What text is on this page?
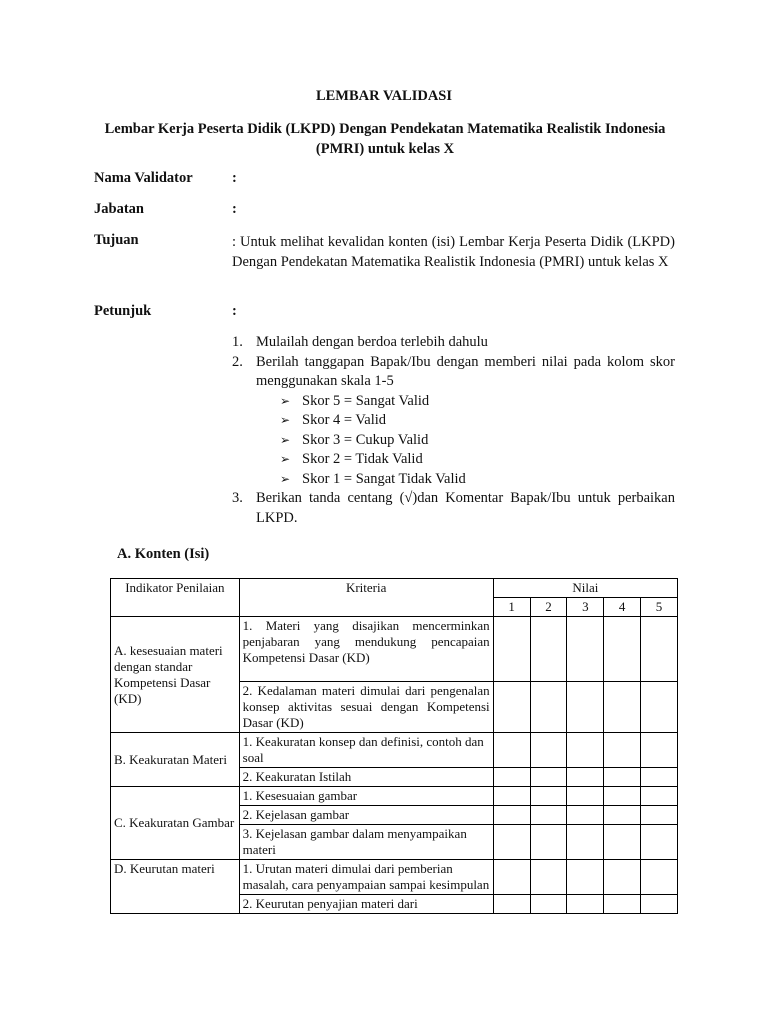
LEMBAR VALIDASI
Lembar Kerja Peserta Didik (LKPD) Dengan Pendekatan Matematika Realistik Indonesia (PMRI) untuk kelas X
Nama Validator	:
Jabatan	:
Tujuan	: Untuk melihat kevalidan konten (isi) Lembar Kerja Peserta Didik (LKPD) Dengan Pendekatan Matematika Realistik Indonesia (PMRI) untuk kelas X
Petunjuk	:
1. Mulailah dengan berdoa terlebih dahulu
2. Berilah tanggapan Bapak/Ibu dengan memberi nilai pada kolom skor menggunakan skala 1-5
➢ Skor 5 = Sangat Valid
➢ Skor 4 = Valid
➢ Skor 3 = Cukup Valid
➢ Skor 2 = Tidak Valid
➢ Skor 1 = Sangat Tidak Valid
3. Berikan tanda centang (√)dan Komentar Bapak/Ibu untuk perbaikan LKPD.
A. Konten (Isi)
Indikator Penilaian	Kriteria	Nilai				
		1	2	3	4	5
A. kesesuaian materi dengan standar Kompetensi Dasar (KD)	1. Materi yang disajikan mencerminkan penjabaran yang mendukung pencapaian Kompetensi Dasar (KD)					
	2. Kedalaman materi dimulai dari pengenalan konsep aktivitas sesuai dengan Kompetensi Dasar (KD)					
B. Keakuratan Materi	1. Keakuratan konsep dan definisi, contoh dan soal					
	2. Keakuratan Istilah					
C. Keakuratan Gambar	1. Kesesuaian gambar					
	2. Kejelasan gambar					
	3. Kejelasan gambar dalam menyampaikan materi					
D. Keurutan materi	1. Urutan materi dimulai dari pemberian masalah, cara penyampaian sampai kesimpulan					
	2. Keurutan penyajian materi dari					
